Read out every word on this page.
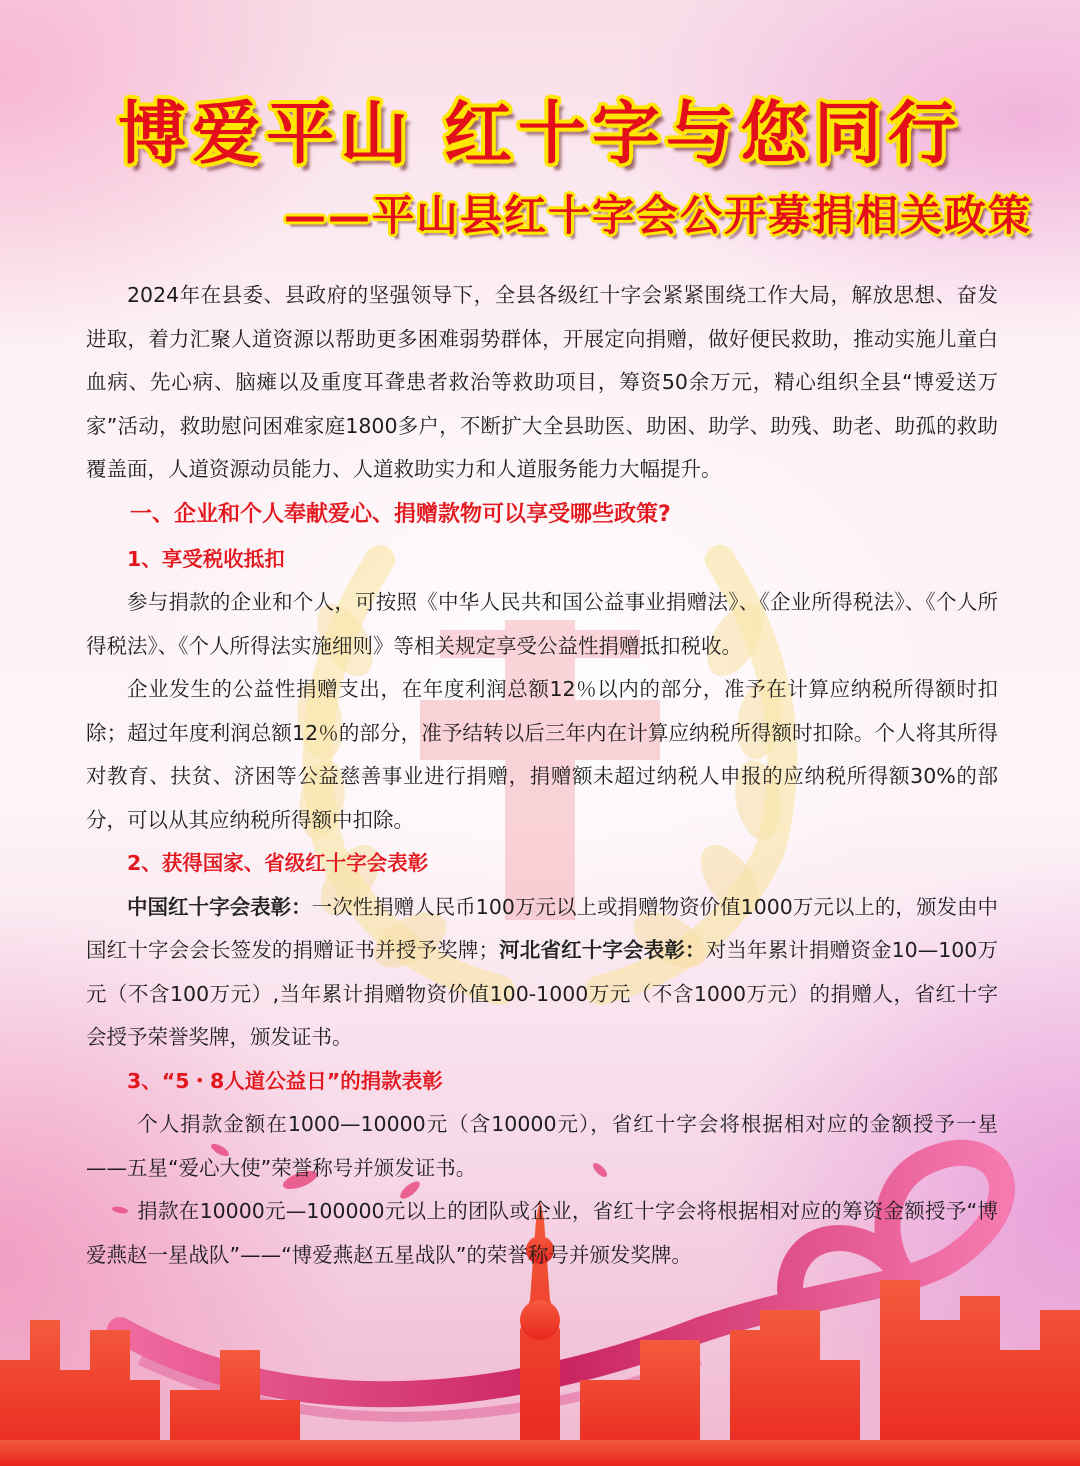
博爱平山 红十字与您同行
——平山县红十字会公开募捐相关政策

2024年在县委、县政府的坚强领导下，全县各级红十字会紧紧围绕工作大局，解放思想、奋发进取，着力汇聚人道资源以帮助更多困难弱势群体，开展定向捐赠，做好便民救助，推动实施儿童白血病、先心病、脑瘫以及重度耳聋患者救治等救助项目，筹资50余万元，精心组织全县“博爱送万家”活动，救助慰问困难家庭1800多户，不断扩大全县助医、助困、助学、助残、助老、助孤的救助覆盖面，人道资源动员能力、人道救助实力和人道服务能力大幅提升。

一、企业和个人奉献爱心、捐赠款物可以享受哪些政策?
1、享受税收抵扣

参与捐款的企业和个人，可按照《中华人民共和国公益事业捐赠法》、《企业所得税法》、《个人所得税法》、《个人所得法实施细则》等相关规定享受公益性捐赠抵扣税收。

企业发生的公益性捐赠支出，在年度利润总额12％以内的部分，准予在计算应纳税所得额时扣除；超过年度利润总额12％的部分，准予结转以后三年内在计算应纳税所得额时扣除。个人将其所得对教育、扶贫、济困等公益慈善事业进行捐赠，捐赠额未超过纳税人申报的应纳税所得额30%的部分，可以从其应纳税所得额中扣除。

2、获得国家、省级红十字会表彰

中国红十字会表彰：一次性捐赠人民币100万元以上或捐赠物资价值1000万元以上的，颁发由中国红十字会会长签发的捐赠证书并授予奖牌；河北省红十字会表彰：对当年累计捐赠资金10—100万元（不含100万元）,当年累计捐赠物资价值100-1000万元（不含1000万元）的捐赠人，省红十字会授予荣誉奖牌，颁发证书。

3、“5・8人道公益日”的捐款表彰

个人捐款金额在1000—10000元（含10000元），省红十字会将根据相对应的金额授予一星——五星“爱心大使”荣誉称号并颁发证书。

捐款在10000元—100000元以上的团队或企业，省红十字会将根据相对应的筹资金额授予“博爱燕赵一星战队”——“博爱燕赵五星战队”的荣誉称号并颁发奖牌。
